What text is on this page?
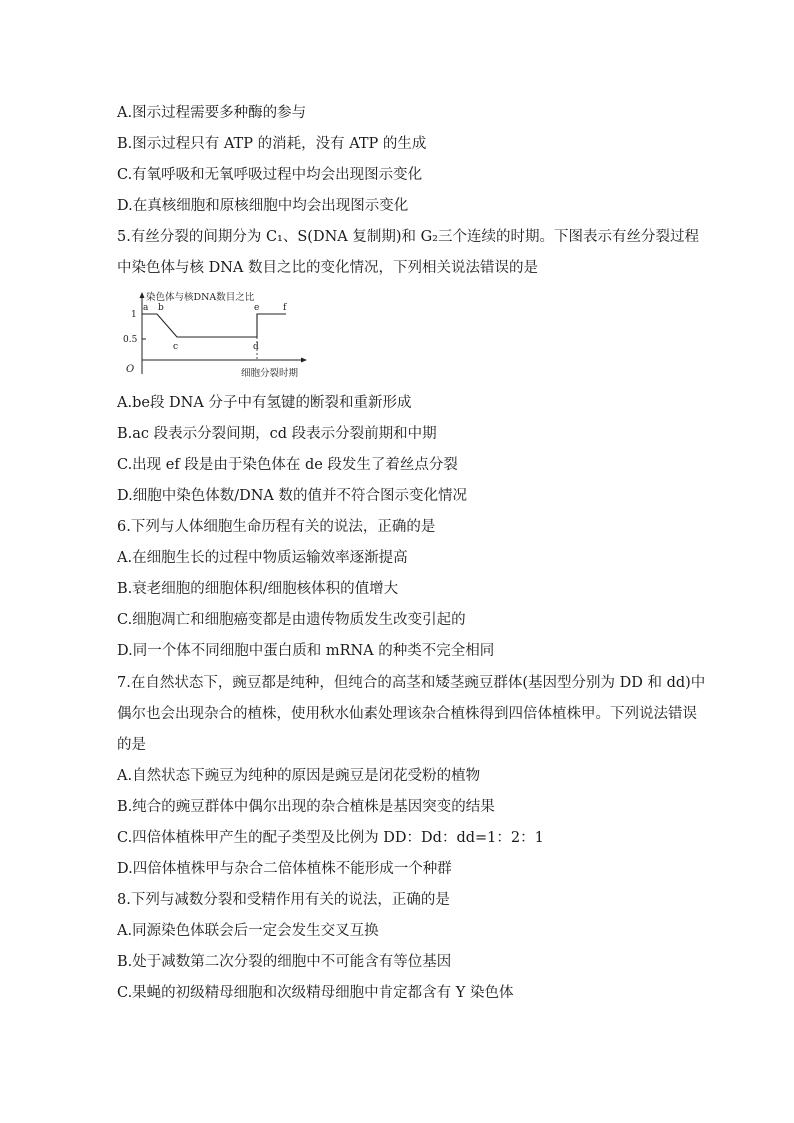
A.图示过程需要多种酶的参与
B.图示过程只有 ATP 的消耗，没有 ATP 的生成
C.有氧呼吸和无氧呼吸过程中均会出现图示变化
D.在真核细胞和原核细胞中均会出现图示变化
5.有丝分裂的间期分为 C₁、S(DNA 复制期)和 G₂三个连续的时期。下图表示有丝分裂过程
中染色体与核 DNA 数目之比的变化情况，下列相关说法错误的是
染色体与核DNA数目之比
细胞分裂时期
O
1
0.5
a b
c	d
e	f
A.be段 DNA 分子中有氢键的断裂和重新形成
B.ac 段表示分裂间期，cd 段表示分裂前期和中期
C.出现 ef 段是由于染色体在 de 段发生了着丝点分裂
D.细胞中染色体数/DNA 数的值并不符合图示变化情况
6.下列与人体细胞生命历程有关的说法，正确的是
A.在细胞生长的过程中物质运输效率逐渐提高
B.衰老细胞的细胞体积/细胞核体积的值增大
C.细胞凋亡和细胞癌变都是由遗传物质发生改变引起的
D.同一个体不同细胞中蛋白质和 mRNA 的种类不完全相同
7.在自然状态下，豌豆都是纯种，但纯合的高茎和矮茎豌豆群体(基因型分别为 DD 和 dd)中
偶尔也会出现杂合的植株，使用秋水仙素处理该杂合植株得到四倍体植株甲。下列说法错误
的是
A.自然状态下豌豆为纯种的原因是豌豆是闭花受粉的植物
B.纯合的豌豆群体中偶尔出现的杂合植株是基因突变的结果
C.四倍体植株甲产生的配子类型及比例为 DD：Dd：dd=1：2：1
D.四倍体植株甲与杂合二倍体植株不能形成一个种群
8.下列与减数分裂和受精作用有关的说法，正确的是
A.同源染色体联会后一定会发生交叉互换
B.处于减数第二次分裂的细胞中不可能含有等位基因
C.果蝇的初级精母细胞和次级精母细胞中肯定都含有 Y 染色体
